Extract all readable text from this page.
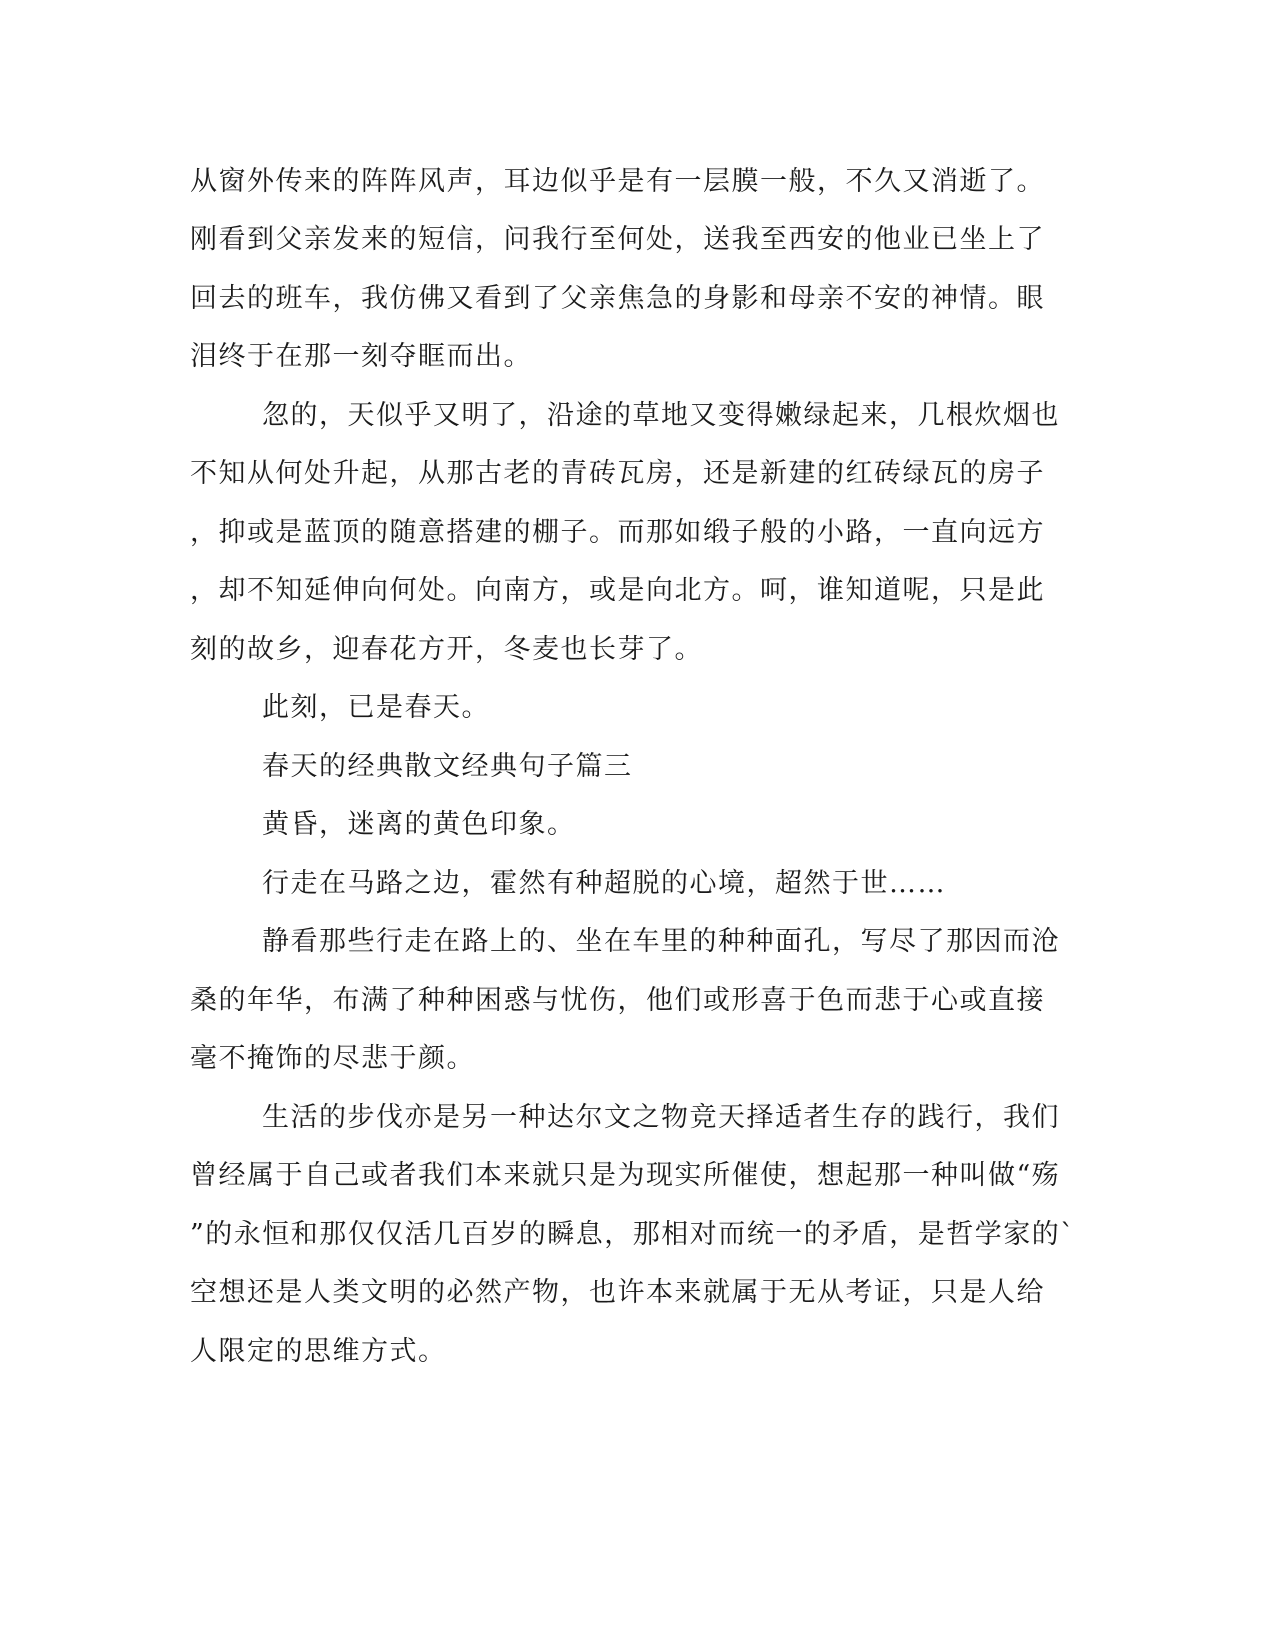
从窗外传来的阵阵风声，耳边似乎是有一层膜一般，不久又消逝了。
刚看到父亲发来的短信，问我行至何处，送我至西安的他业已坐上了
回去的班车，我仿佛又看到了父亲焦急的身影和母亲不安的神情。眼
泪终于在那一刻夺眶而出。
忽的，天似乎又明了，沿途的草地又变得嫩绿起来，几根炊烟也
不知从何处升起，从那古老的青砖瓦房，还是新建的红砖绿瓦的房子
，抑或是蓝顶的随意搭建的棚子。而那如缎子般的小路，一直向远方
，却不知延伸向何处。向南方，或是向北方。呵，谁知道呢，只是此
刻的故乡，迎春花方开，冬麦也长芽了。
此刻，已是春天。
春天的经典散文经典句子篇三
黄昏，迷离的黄色印象。
行走在马路之边，霍然有种超脱的心境，超然于世……
静看那些行走在路上的、坐在车里的种种面孔，写尽了那因而沧
桑的年华，布满了种种困惑与忧伤，他们或形喜于色而悲于心或直接
毫不掩饰的尽悲于颜。
生活的步伐亦是另一种达尔文之物竞天择适者生存的践行，我们
曾经属于自己或者我们本来就只是为现实所催使，想起那一种叫做“殇
”的永恒和那仅仅活几百岁的瞬息，那相对而统一的矛盾，是哲学家的`
空想还是人类文明的必然产物，也许本来就属于无从考证，只是人给
人限定的思维方式。
